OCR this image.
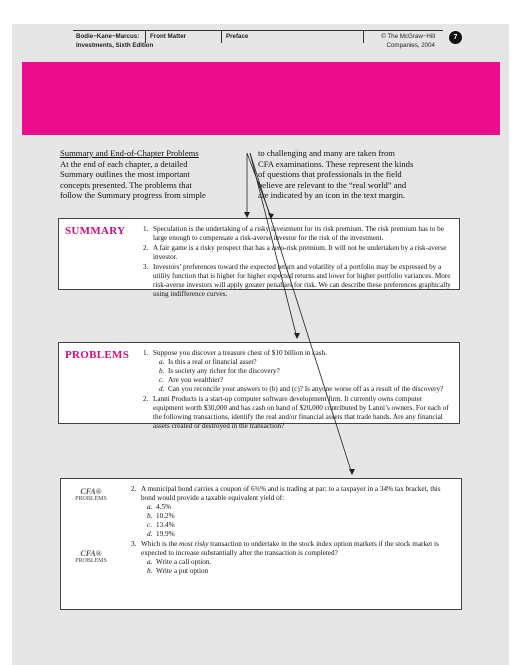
Bodie−Kane−Marcus:
Investments, Sixth Edition
Front Matter	Preface	© The McGraw−Hill
Companies, 2004
7
Summary and End-of-Chapter Problems
At the end of each chapter, a detailed
Summary outlines the most important
concepts presented. The problems that
follow the Summary progress from simple
to challenging and many are taken from
CFA examinations. These represent the kinds
of questions that professionals in the field
believe are relevant to the “real world” and
are indicated by an icon in the text margin.
SUMMARY 1. Speculation is the undertaking of a risky investment for its risk premium. The risk premium has to be large enough to compensate a risk-averse investor for the risk of the investment.
2. A fair game is a risky prospect that has a zero-risk premium. It will not be undertaken by a risk-averse investor.
3. Investors’ preferences toward the expected return and volatility of a portfolio may be expressed by a utility function that is higher for higher expected returns and lower for higher portfolio variances. More risk-averse investors will apply greater penalties for risk. We can describe these preferences graphically using indifference curves.
PROBLEMS 1. Suppose you discover a treasure chest of $10 billion in cash.
a. Is this a real or financial asset?
b. Is society any richer for the discovery?
c. Are you wealthier?
d. Can you reconcile your answers to (b) and (c)? Is anyone worse off as a result of the discovery?
2. Lanni Products is a start-up computer software development firm. It currently owns computer equipment worth $30,000 and has cash on hand of $20,000 contributed by Lanni’s owners. For each of the following transactions, identify the real and/or financial assets that trade hands. Are any financial assets created or destroyed in the transaction?
CFA®
PROBLEMS
CFA®
PROBLEMS
2. A municipal bond carries a coupon of 6¾% and is trading at par; to a taxpayer in a 34% tax bracket, this bond would provide a taxable equivalent yield of:
a. 4.5%
b. 10.2%
c. 13.4%
d. 19.9%
3. Which is the most risky transaction to undertake in the stock index option markets if the stock market is expected to increase substantially after the transaction is completed?
a. Write a call option.
b. Write a put option
